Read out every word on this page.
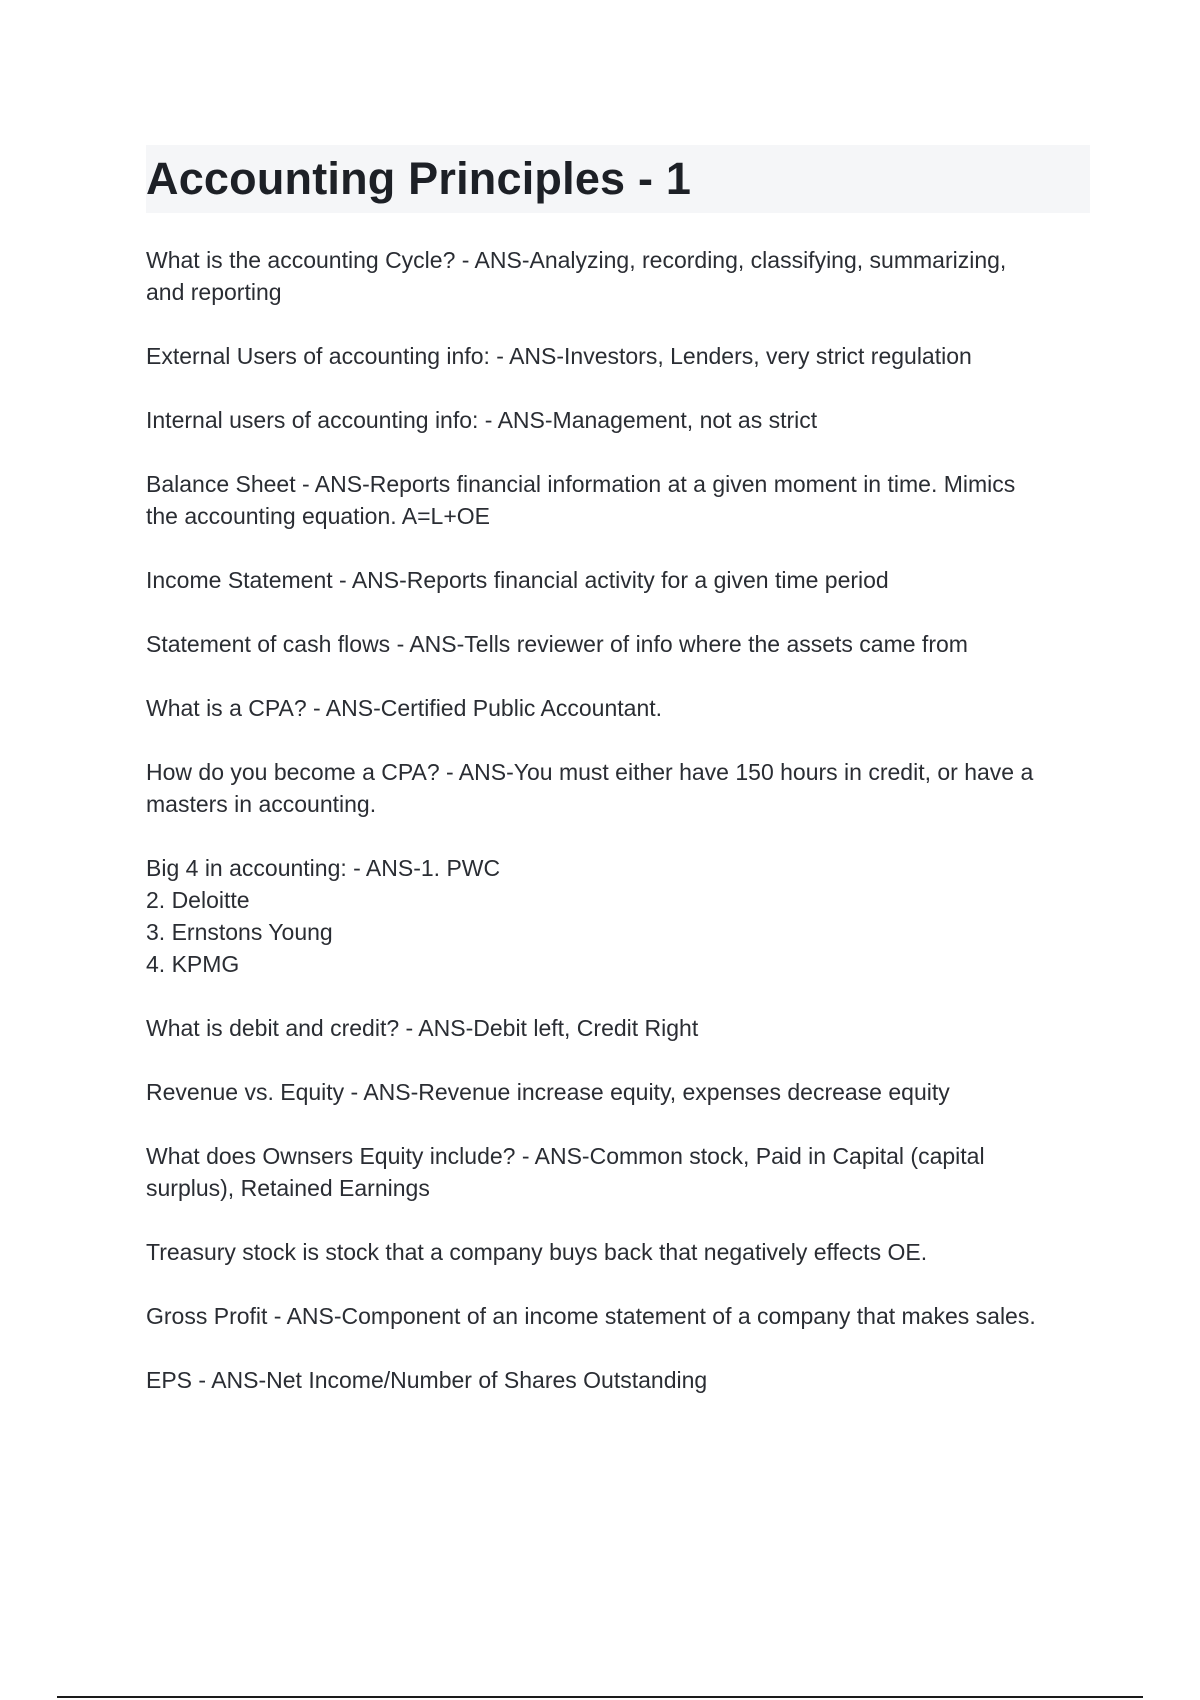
Accounting Principles - 1
What is the accounting Cycle? - ANS-Analyzing, recording, classifying, summarizing,
and reporting
External Users of accounting info: - ANS-Investors, Lenders, very strict regulation
Internal users of accounting info: - ANS-Management, not as strict
Balance Sheet - ANS-Reports financial information at a given moment in time. Mimics
the accounting equation. A=L+OE
Income Statement - ANS-Reports financial activity for a given time period
Statement of cash flows - ANS-Tells reviewer of info where the assets came from
What is a CPA? - ANS-Certified Public Accountant.
How do you become a CPA? - ANS-You must either have 150 hours in credit, or have a
masters in accounting.
Big 4 in accounting: - ANS-1. PWC
2. Deloitte
3. Ernstons Young
4. KPMG
What is debit and credit? - ANS-Debit left, Credit Right
Revenue vs. Equity - ANS-Revenue increase equity, expenses decrease equity
What does Ownsers Equity include? - ANS-Common stock, Paid in Capital (capital
surplus), Retained Earnings
Treasury stock is stock that a company buys back that negatively effects OE.
Gross Profit - ANS-Component of an income statement of a company that makes sales.
EPS - ANS-Net Income/Number of Shares Outstanding
